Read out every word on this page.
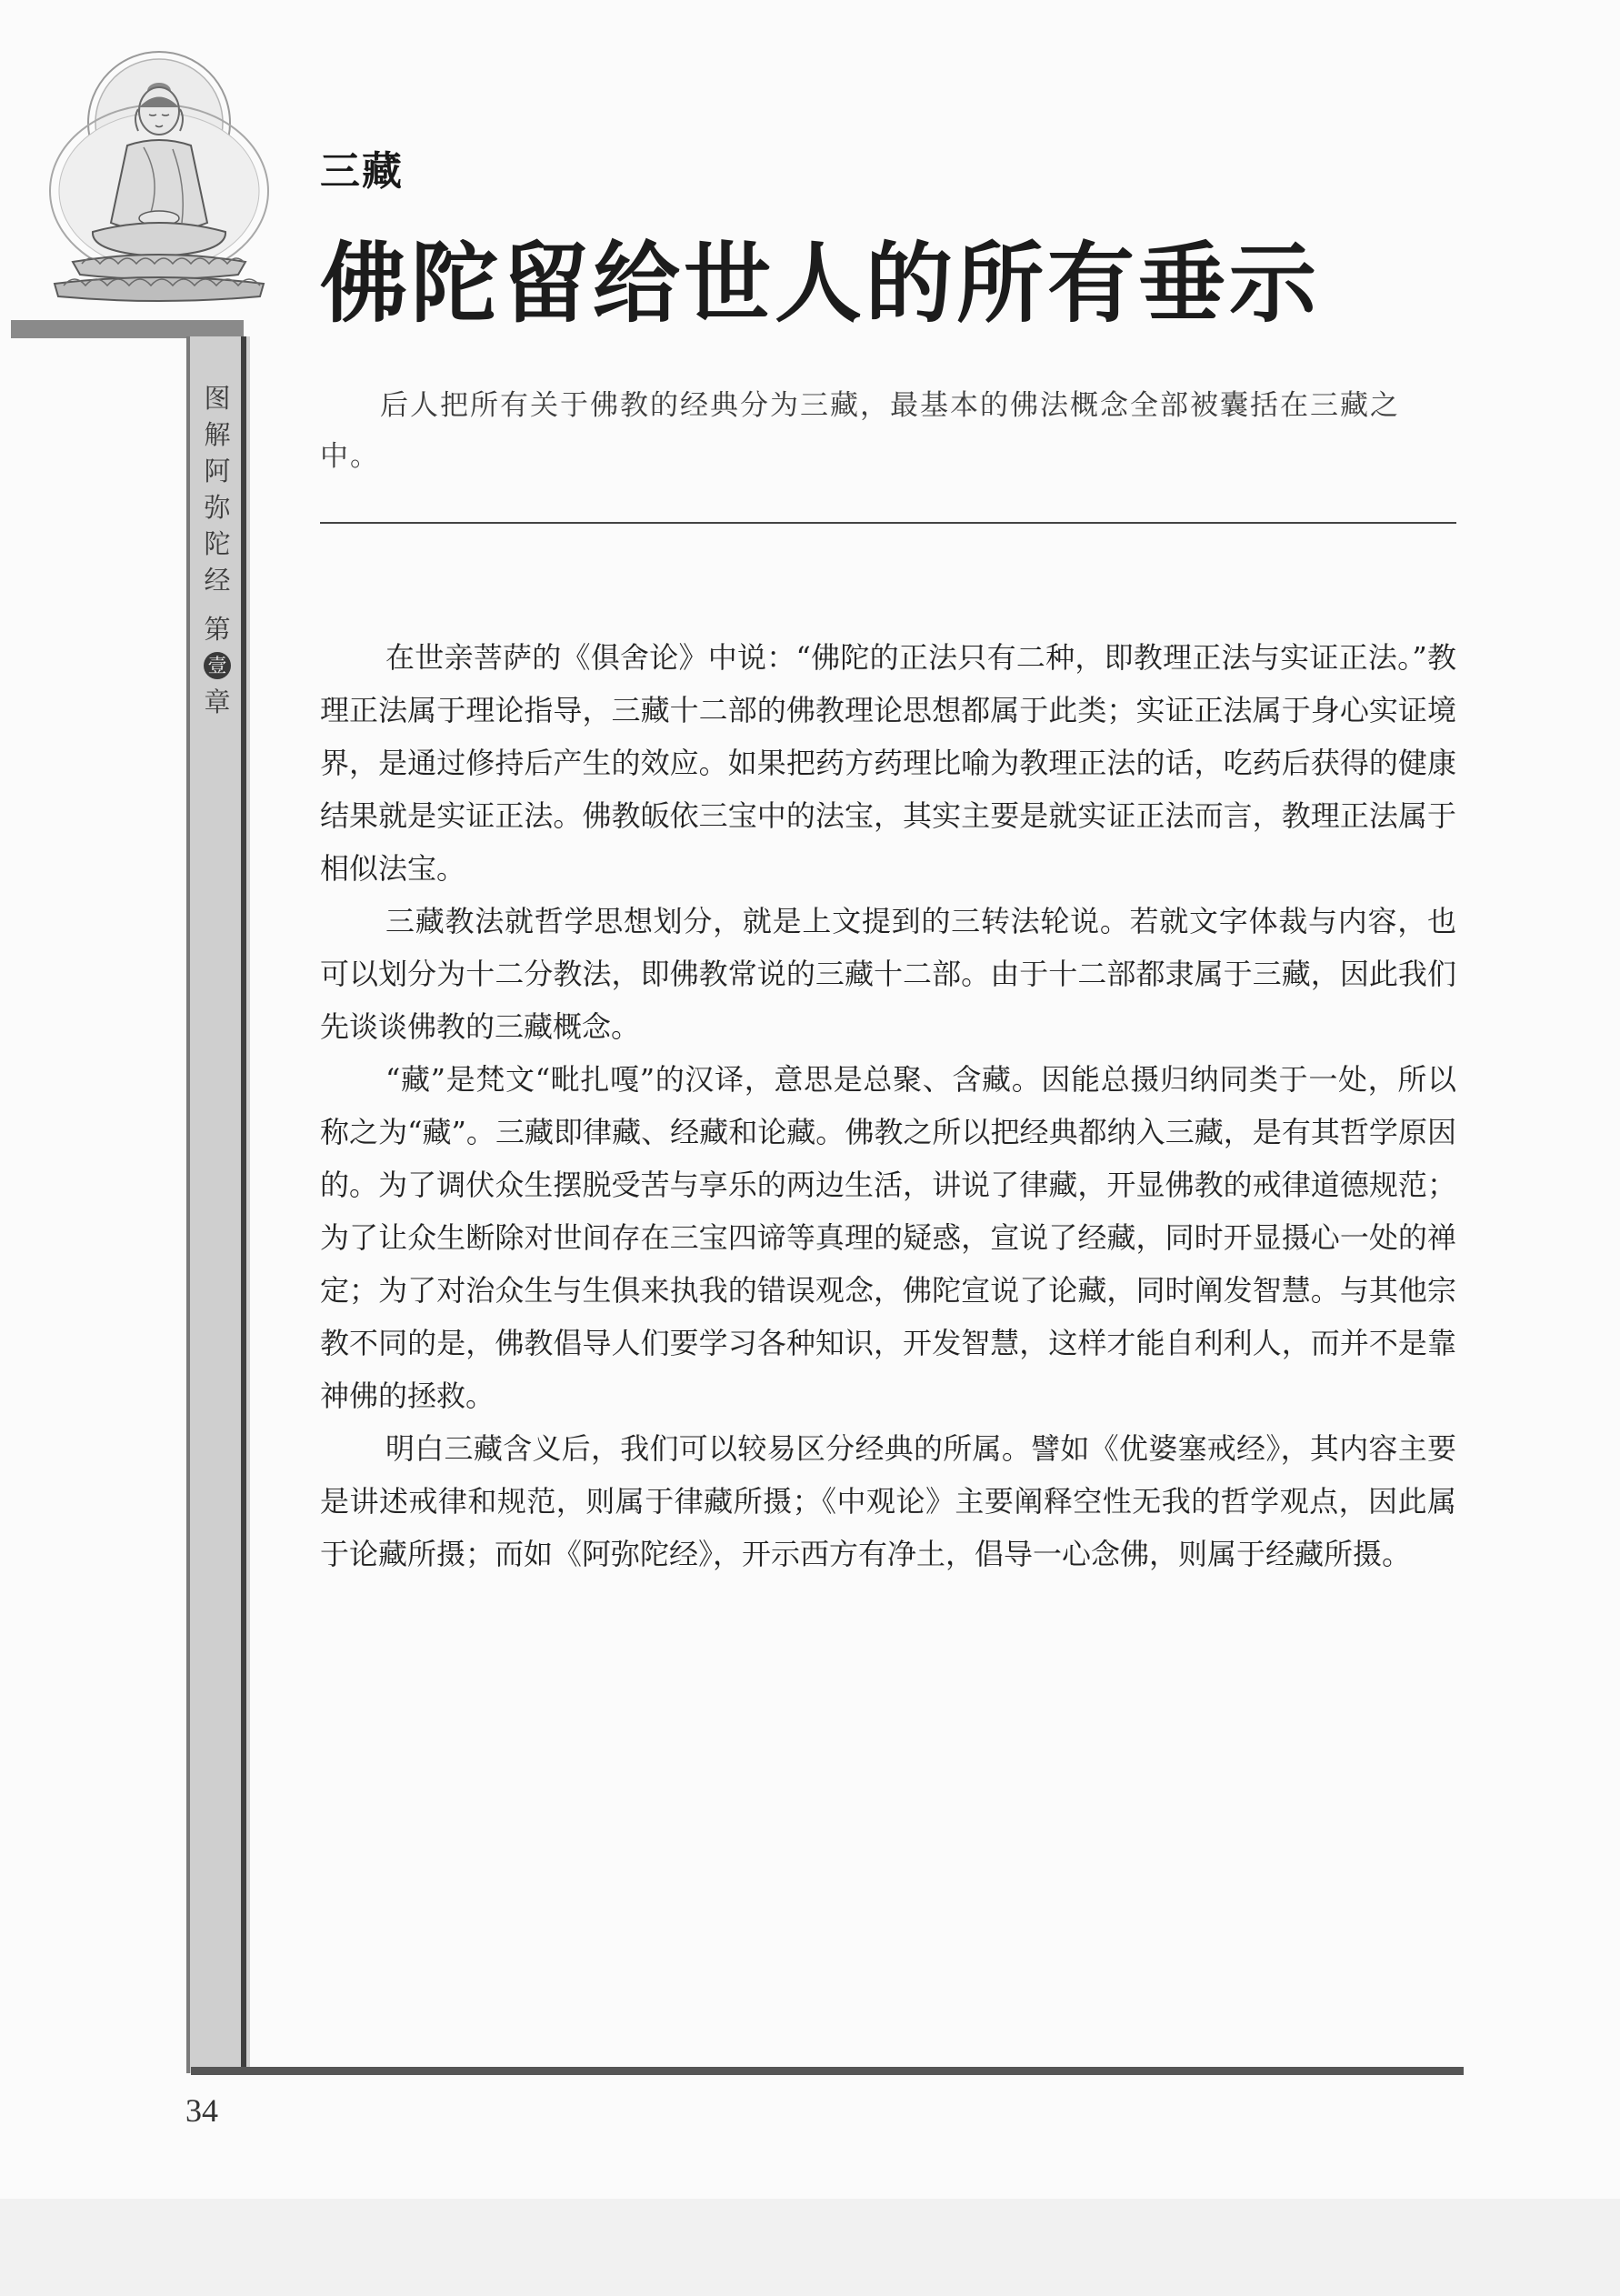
图
解
阿
弥
陀
经
第
壹
章
三藏
佛陀留给世人的所有垂示
后人把所有关于佛教的经典分为三藏，最基本的佛法概念全部被囊括在三藏之中。

在世亲菩萨的《俱舍论》中说：“佛陀的正法只有二种，即教理正法与实证正法。”教理正法属于理论指导，三藏十二部的佛教理论思想都属于此类；实证正法属于身心实证境界，是通过修持后产生的效应。如果把药方药理比喻为教理正法的话，吃药后获得的健康结果就是实证正法。佛教皈依三宝中的法宝，其实主要是就实证正法而言，教理正法属于相似法宝。

三藏教法就哲学思想划分，就是上文提到的三转法轮说。若就文字体裁与内容，也可以划分为十二分教法，即佛教常说的三藏十二部。由于十二部都隶属于三藏，因此我们先谈谈佛教的三藏概念。

“藏”是梵文“毗扎嘎”的汉译，意思是总聚、含藏。因能总摄归纳同类于一处，所以称之为“藏”。三藏即律藏、经藏和论藏。佛教之所以把经典都纳入三藏，是有其哲学原因的。为了调伏众生摆脱受苦与享乐的两边生活，讲说了律藏，开显佛教的戒律道德规范；为了让众生断除对世间存在三宝四谛等真理的疑惑，宣说了经藏，同时开显摄心一处的禅定；为了对治众生与生俱来执我的错误观念，佛陀宣说了论藏，同时阐发智慧。与其他宗教不同的是，佛教倡导人们要学习各种知识，开发智慧，这样才能自利利人，而并不是靠神佛的拯救。

明白三藏含义后，我们可以较易区分经典的所属。譬如《优婆塞戒经》，其内容主要是讲述戒律和规范，则属于律藏所摄；《中观论》主要阐释空性无我的哲学观点，因此属于论藏所摄；而如《阿弥陀经》，开示西方有净土，倡导一心念佛，则属于经藏所摄。

34
